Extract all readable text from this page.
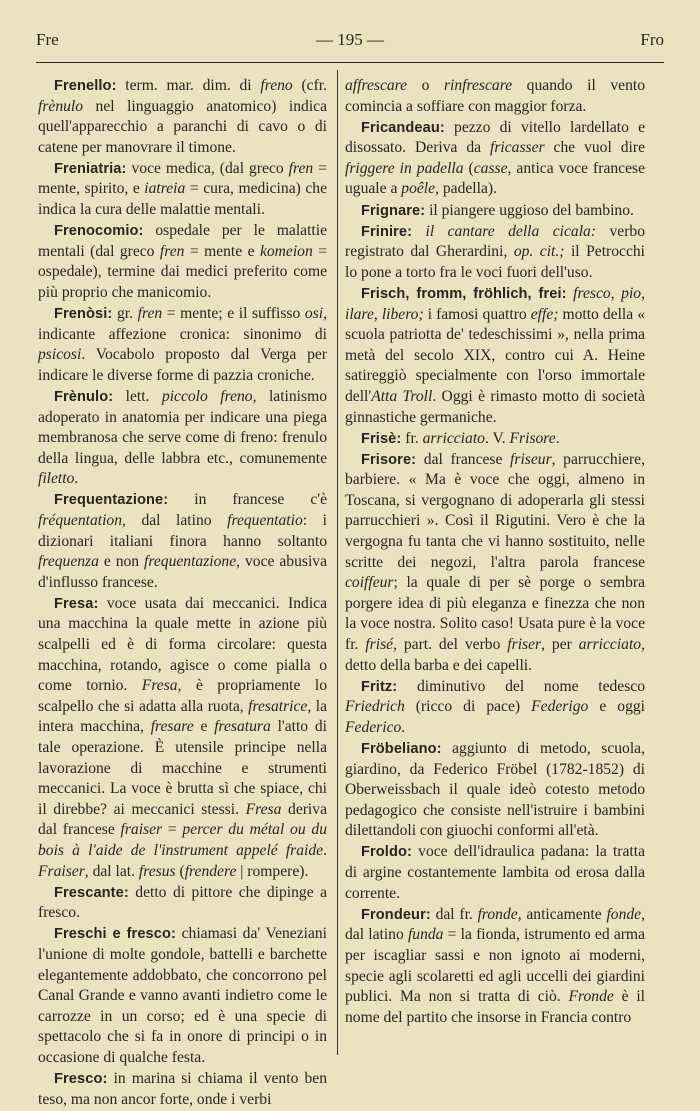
Fre	— 195 —	Fro

Frenello: term. mar. dim. di freno (cfr. frènulo nel linguaggio anatomico) indica quell'apparecchio a paranchi di cavo o di catene per manovrare il timone.

Freniatria: voce medica, (dal greco fren = mente, spirito, e iatreia = cura, medicina) che indica la cura delle malattie mentali.

Frenocomio: ospedale per le malattie mentali (dal greco fren = mente e komeion = ospedale), termine dai medici preferito come più proprio che manicomio.

Frenòsi: gr. fren = mente; e il suffisso osi, indicante affezione cronica: sinonimo di psicosi. Vocabolo proposto dal Verga per indicare le diverse forme di pazzia croniche.

Frènulo: lett. piccolo freno, latinismo adoperato in anatomia per indicare una piega membranosa che serve come di freno: frenulo della lingua, delle labbra etc., comunemente filetto.

Frequentazione: in francese c'è fréquentation, dal latino frequentatio: i dizionari italiani finora hanno soltanto frequenza e non frequentazione, voce abusiva d'influsso francese.

Fresa: voce usata dai meccanici. Indica una macchina la quale mette in azione più scalpelli ed è di forma circolare: questa macchina, rotando, agisce o come pialla o come tornio. Fresa, è propriamente lo scalpello che si adatta alla ruota, fresatrice, la intera macchina, fresare e fresatura l'atto di tale operazione. È utensile principe nella lavorazione di macchine e strumenti meccanici. La voce è brutta sì che spiace, chi il direbbe? ai meccanici stessi. Fresa deriva dal francese fraiser = percer du métal ou du bois à l'aide de l'instrument appelé fraide. Fraiser, dal lat. fresus (frendere | rompere).

Frescante: detto di pittore che dipinge a fresco.

Freschi e fresco: chiamasi da' Veneziani l'unione di molte gondole, battelli e barchette elegantemente addobbato, che concorrono pel Canal Grande e vanno avanti indietro come le carrozze in un corso; ed è una specie di spettacolo che si fa in onore di principi o in occasione di qualche festa.

Fresco: in marina si chiama il vento ben teso, ma non ancor forte, onde i verbi

affrescare o rinfrescare quando il vento comincia a soffiare con maggior forza.

Fricandeau: pezzo di vitello lardellato e disossato. Deriva da fricasser che vuol dire friggere in padella (casse, antica voce francese uguale a poêle, padella).

Frignare: il piangere uggioso del bambino.

Frinire: il cantare della cicala: verbo registrato dal Gherardini, op. cit.; il Petrocchi lo pone a torto fra le voci fuori dell'uso.

Frisch, fromm, fröhlich, frei: fresco, pio, ilare, libero; i famosi quattro effe; motto della « scuola patriotta de' tedeschissimi », nella prima metà del secolo XIX, contro cui A. Heine satireggiò specialmente con l'orso immortale dell'Atta Troll. Oggi è rimasto motto di società ginnastiche germaniche.

Frisè: fr. arricciato. V. Frisore.

Frisore: dal francese friseur, parrucchiere, barbiere. « Ma è voce che oggi, almeno in Toscana, si vergognano di adoperarla gli stessi parrucchieri ». Così il Rigutini. Vero è che la vergogna fu tanta che vi hanno sostituito, nelle scritte dei negozi, l'altra parola francese coiffeur; la quale di per sè porge o sembra porgere idea di più eleganza e finezza che non la voce nostra. Solito caso! Usata pure è la voce fr. frisé, part. del verbo friser, per arricciato, detto della barba e dei capelli.

Fritz: diminutivo del nome tedesco Friedrich (ricco di pace) Federigo e oggi Federico.

Fröbeliano: aggiunto di metodo, scuola, giardino, da Federico Fröbel (1782-1852) di Oberweissbach il quale ideò cotesto metodo pedagogico che consiste nell'istruire i bambini dilettandoli con giuochi conformi all'età.

Froldo: voce dell'idraulica padana: la tratta di argine costantemente lambita od erosa dalla corrente.

Frondeur: dal fr. fronde, anticamente fonde, dal latino funda = la fionda, istrumento ed arma per iscagliar sassi e non ignoto ai moderni, specie agli scolaretti ed agli uccelli dei giardini publici. Ma non si tratta di ciò. Fronde è il nome del partito che insorse in Francia contro
